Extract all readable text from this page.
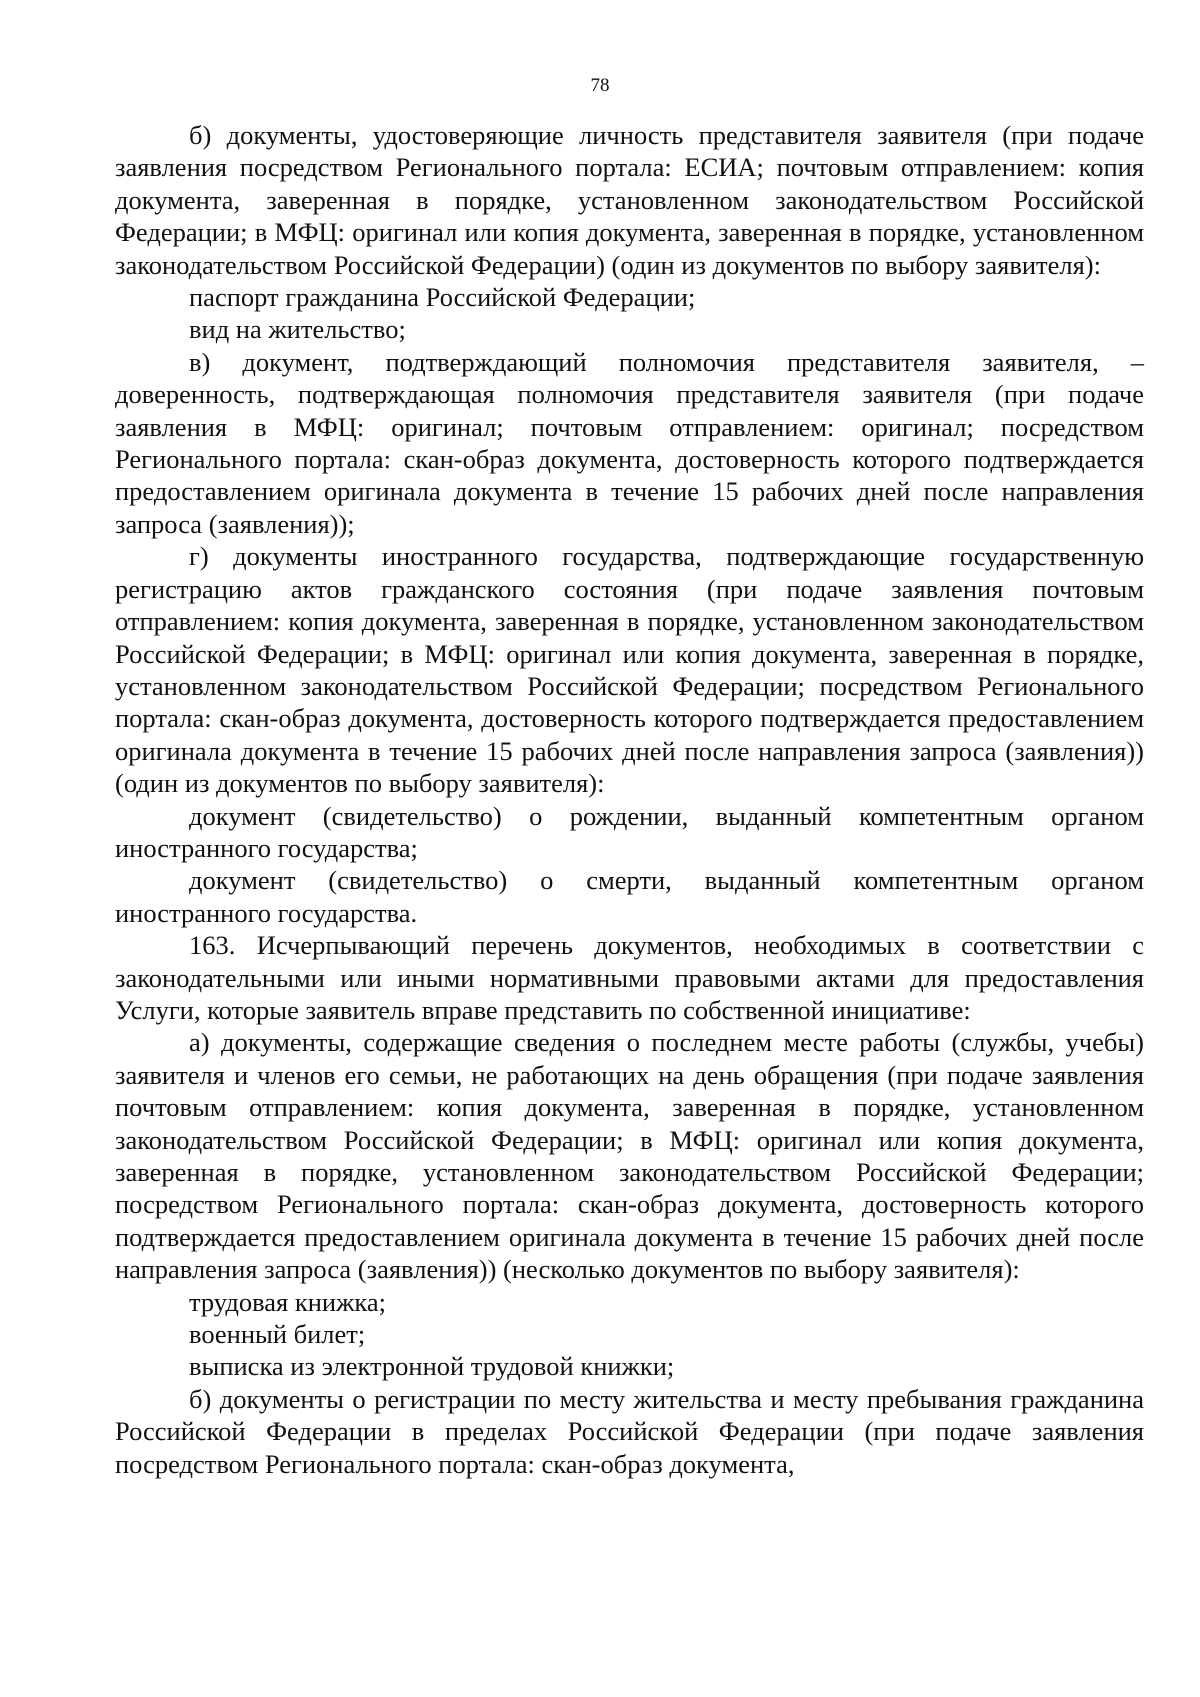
78

б) документы, удостоверяющие личность представителя заявителя (при подаче заявления посредством Регионального портала: ЕСИА; почтовым отправлением: копия документа, заверенная в порядке, установленном законодательством Российской Федерации; в МФЦ: оригинал или копия документа, заверенная в порядке, установленном законодательством Российской Федерации) (один из документов по выбору заявителя):

паспорт гражданина Российской Федерации;

вид на жительство;

в) документ, подтверждающий полномочия представителя заявителя, – доверенность, подтверждающая полномочия представителя заявителя (при подаче заявления в МФЦ: оригинал; почтовым отправлением: оригинал; посредством Регионального портала: скан-образ документа, достоверность которого подтверждается предоставлением оригинала документа в течение 15 рабочих дней после направления запроса (заявления));

г) документы иностранного государства, подтверждающие государственную регистрацию актов гражданского состояния (при подаче заявления почтовым отправлением: копия документа, заверенная в порядке, установленном законодательством Российской Федерации; в МФЦ: оригинал или копия документа, заверенная в порядке, установленном законодательством Российской Федерации; посредством Регионального портала: скан-образ документа, достоверность которого подтверждается предоставлением оригинала документа в течение 15 рабочих дней после направления запроса (заявления)) (один из документов по выбору заявителя):

документ (свидетельство) о рождении, выданный компетентным органом иностранного государства;

документ (свидетельство) о смерти, выданный компетентным органом иностранного государства.

163. Исчерпывающий перечень документов, необходимых в соответствии с законодательными или иными нормативными правовыми актами для предоставления Услуги, которые заявитель вправе представить по собственной инициативе:

а) документы, содержащие сведения о последнем месте работы (службы, учебы) заявителя и членов его семьи, не работающих на день обращения (при подаче заявления почтовым отправлением: копия документа, заверенная в порядке, установленном законодательством Российской Федерации; в МФЦ: оригинал или копия документа, заверенная в порядке, установленном законодательством Российской Федерации; посредством Регионального портала: скан-образ документа, достоверность которого подтверждается предоставлением оригинала документа в течение 15 рабочих дней после направления запроса (заявления)) (несколько документов по выбору заявителя):

трудовая книжка;

военный билет;

выписка из электронной трудовой книжки;

б) документы о регистрации по месту жительства и месту пребывания гражданина Российской Федерации в пределах Российской Федерации (при подаче заявления посредством Регионального портала: скан-образ документа,
